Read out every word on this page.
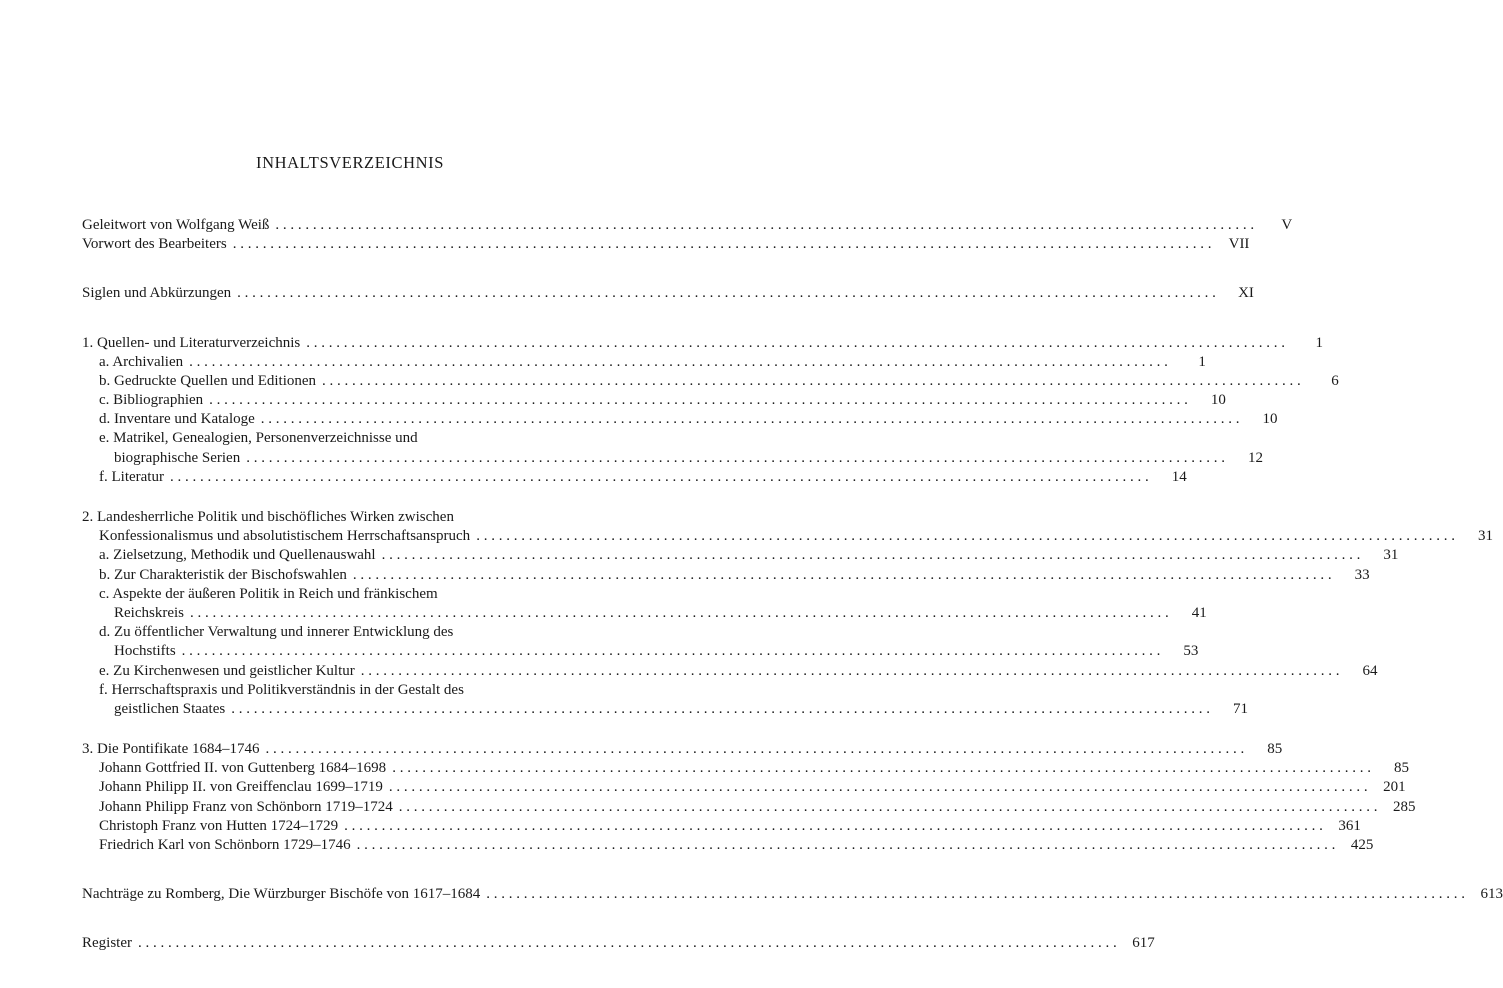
INHALTSVERZEICHNIS
Geleitwort von Wolfgang Weiß . . .	V
Vorwort des Bearbeiters . . .	VII
Siglen und Abkürzungen . . .	XI
1. Quellen- und Literaturverzeichnis . . .	1
a. Archivalien . . .	1
b. Gedruckte Quellen und Editionen . . .	6
c. Bibliographien . . .	10
d. Inventare und Kataloge . . .	10
e. Matrikel, Genealogien, Personenverzeichnisse und
biographische Serien . . .	12
f. Literatur . . .	14
2. Landesherrliche Politik und bischöfliches Wirken zwischen
Konfessionalismus und absolutistischem Herrschaftsanspruch . . .	31
a. Zielsetzung, Methodik und Quellenauswahl . . .	31
b. Zur Charakteristik der Bischofswahlen . . .	33
c. Aspekte der äußeren Politik in Reich und fränkischem
Reichskreis . . .	41
d. Zu öffentlicher Verwaltung und innerer Entwicklung des
Hochstifts . . .	53
e. Zu Kirchenwesen und geistlicher Kultur . . .	64
f. Herrschaftspraxis und Politikverständnis in der Gestalt des
geistlichen Staates . . .	71
3. Die Pontifikate 1684–1746 . . .	85
Johann Gottfried II. von Guttenberg 1684–1698 . . .	85
Johann Philipp II. von Greiffenclau 1699–1719 . . .	201
Johann Philipp Franz von Schönborn 1719–1724 . . .	285
Christoph Franz von Hutten 1724–1729 . . .	361
Friedrich Karl von Schönborn 1729–1746 . . .	425
Nachträge zu Romberg, Die Würzburger Bischöfe von 1617–1684 . . .	613
Register . . .	617
